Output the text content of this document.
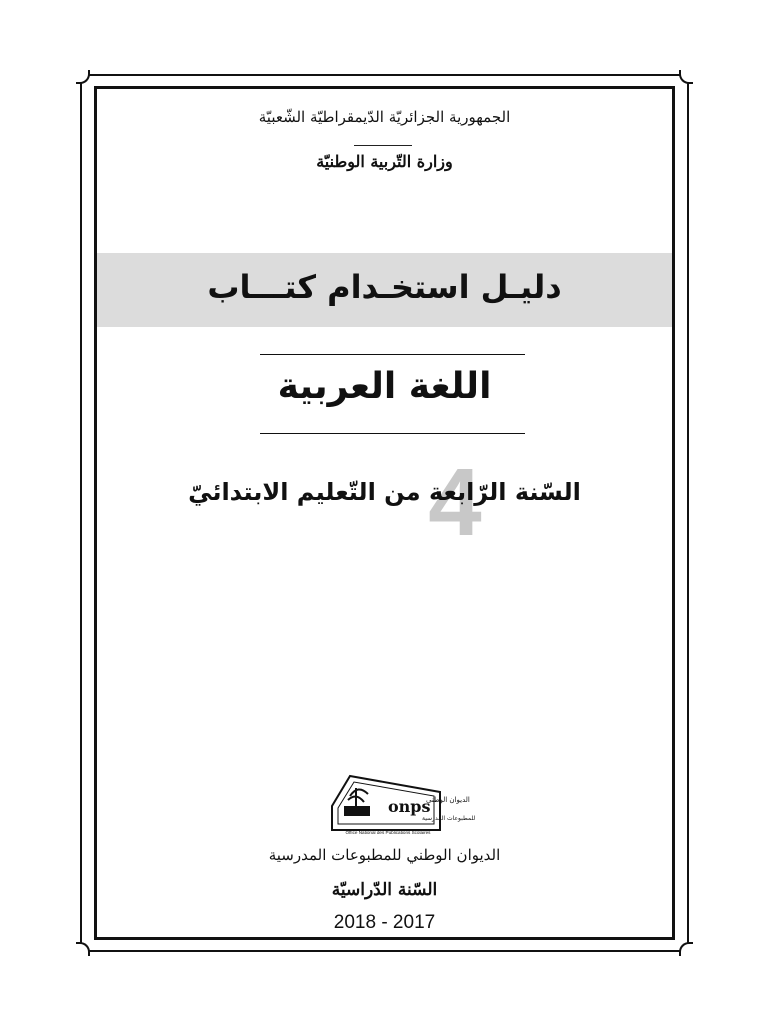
الجمهورية الجزائريّة الدّيمقراطيّة الشّعبيّة
وزارة التّربية الوطنيّة
دليـل استخـدام كتـــاب
اللغة العربية
4
السّنة الرّابعة من التّعليم الابتدائيّ
onps
الديوان الوطني
للمطبوعات المدرسية
Office National des Publications Scolaires
الديوان الوطني للمطبوعات المدرسية
السّنة الدّراسيّة
2018 - 2017
